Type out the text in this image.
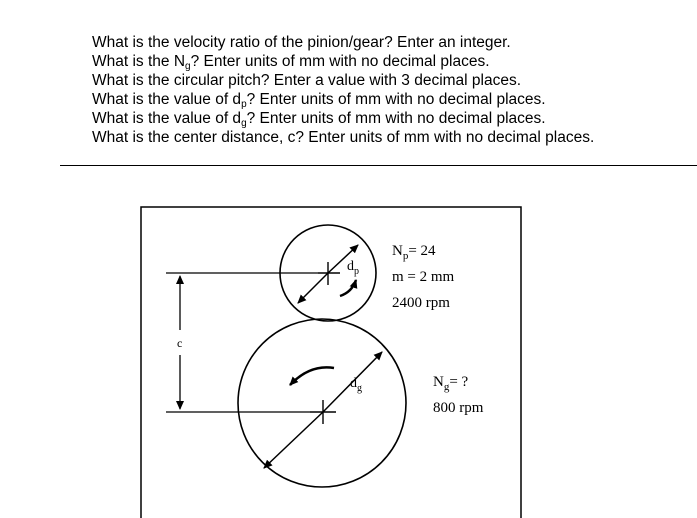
What is the velocity ratio of the pinion/gear? Enter an integer.

What is the $N_g$? Enter units of mm with no decimal places.

What is the circular pitch? Enter a value with 3 decimal places.

What is the value of $d_p$? Enter units of mm with no decimal places.

What is the value of $d_g$? Enter units of mm with no decimal places.

What is the center distance, c? Enter units of mm with no decimal places.

c
$d_p$
$d_g$
$N_p= 24$
m = 2 mm
2400 rpm
$N_g=$ ?
800 rpm
